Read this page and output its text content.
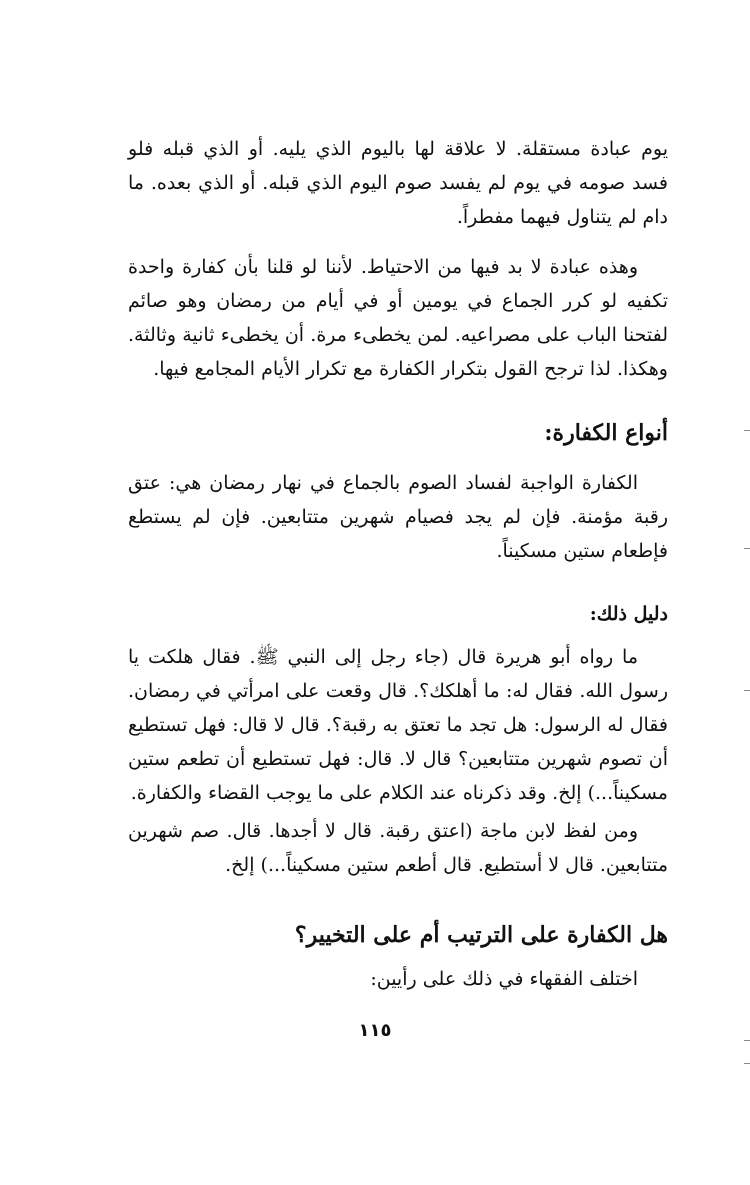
يوم عبادة مستقلة. لا علاقة لها باليوم الذي يليه. أو الذي قبله فلو فسد صومه في يوم لم يفسد صوم اليوم الذي قبله. أو الذي بعده. ما دام لم يتناول فيهما مفطراً.

وهذه عبادة لا بد فيها من الاحتياط. لأننا لو قلنا بأن كفارة واحدة تكفيه لو كرر الجماع في يومين أو في أيام من رمضان وهو صائم لفتحنا الباب على مصراعيه. لمن يخطىء مرة. أن يخطىء ثانية وثالثة. وهكذا. لذا ترجح القول بتكرار الكفارة مع تكرار الأيام المجامع فيها.

أنواع الكفارة:

الكفارة الواجبة لفساد الصوم بالجماع في نهار رمضان هي: عتق رقبة مؤمنة. فإن لم يجد فصيام شهرين متتابعين. فإن لم يستطع فإطعام ستين مسكيناً.

دليل ذلك:

ما رواه أبو هريرة قال (جاء رجل إلى النبي ﷺ. فقال هلكت يا رسول الله. فقال له: ما أهلكك؟. قال وقعت على امرأتي في رمضان. فقال له الرسول: هل تجد ما تعتق به رقبة؟. قال لا قال: فهل تستطيع أن تصوم شهرين متتابعين؟ قال لا. قال: فهل تستطيع أن تطعم ستين مسكيناً...) إلخ. وقد ذكرناه عند الكلام على ما يوجب القضاء والكفارة.

ومن لفظ لابن ماجة (اعتق رقبة. قال لا أجدها. قال. صم شهرين متتابعين. قال لا أستطيع. قال أطعم ستين مسكيناً...) إلخ.

هل الكفارة على الترتيب أم على التخيير؟

اختلف الفقهاء في ذلك على رأيين:

١١٥
